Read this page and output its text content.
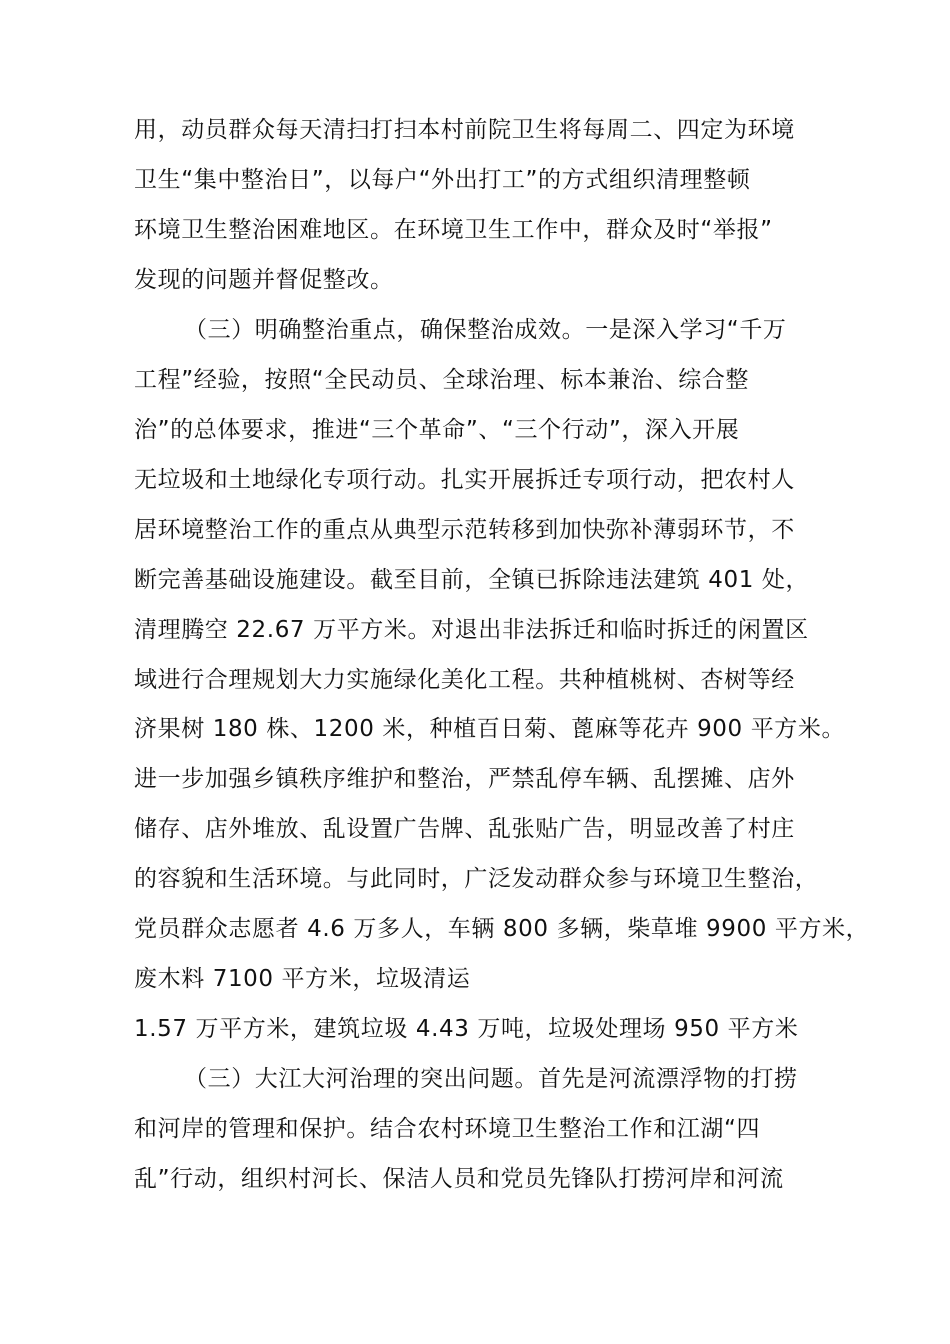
用，动员群众每天清扫打扫本村前院卫生将每周二、四定为环境
卫生“集中整治日”，以每户“外出打工”的方式组织清理整顿
环境卫生整治困难地区。在环境卫生工作中，群众及时“举报”
发现的问题并督促整改。
（三）明确整治重点，确保整治成效。一是深入学习“千万
工程”经验，按照“全民动员、全球治理、标本兼治、综合整
治”的总体要求，推进“三个革命”、“三个行动”，深入开展
无垃圾和土地绿化专项行动。扎实开展拆迁专项行动，把农村人
居环境整治工作的重点从典型示范转移到加快弥补薄弱环节，不
断完善基础设施建设。截至目前，全镇已拆除违法建筑 401 处，
清理腾空 22.67 万平方米。对退出非法拆迁和临时拆迁的闲置区
域进行合理规划大力实施绿化美化工程。共种植桃树、杏树等经
济果树 180 株、1200 米，种植百日菊、蓖麻等花卉 900 平方米。
进一步加强乡镇秩序维护和整治，严禁乱停车辆、乱摆摊、店外
储存、店外堆放、乱设置广告牌、乱张贴广告，明显改善了村庄
的容貌和生活环境。与此同时，广泛发动群众参与环境卫生整治，
党员群众志愿者 4.6 万多人，车辆 800 多辆，柴草堆 9900 平方米，
废木料 7100 平方米，垃圾清运
1.57 万平方米，建筑垃圾 4.43 万吨，垃圾处理场 950 平方米
（三）大江大河治理的突出问题。首先是河流漂浮物的打捞
和河岸的管理和保护。结合农村环境卫生整治工作和江湖“四
乱”行动，组织村河长、保洁人员和党员先锋队打捞河岸和河流
